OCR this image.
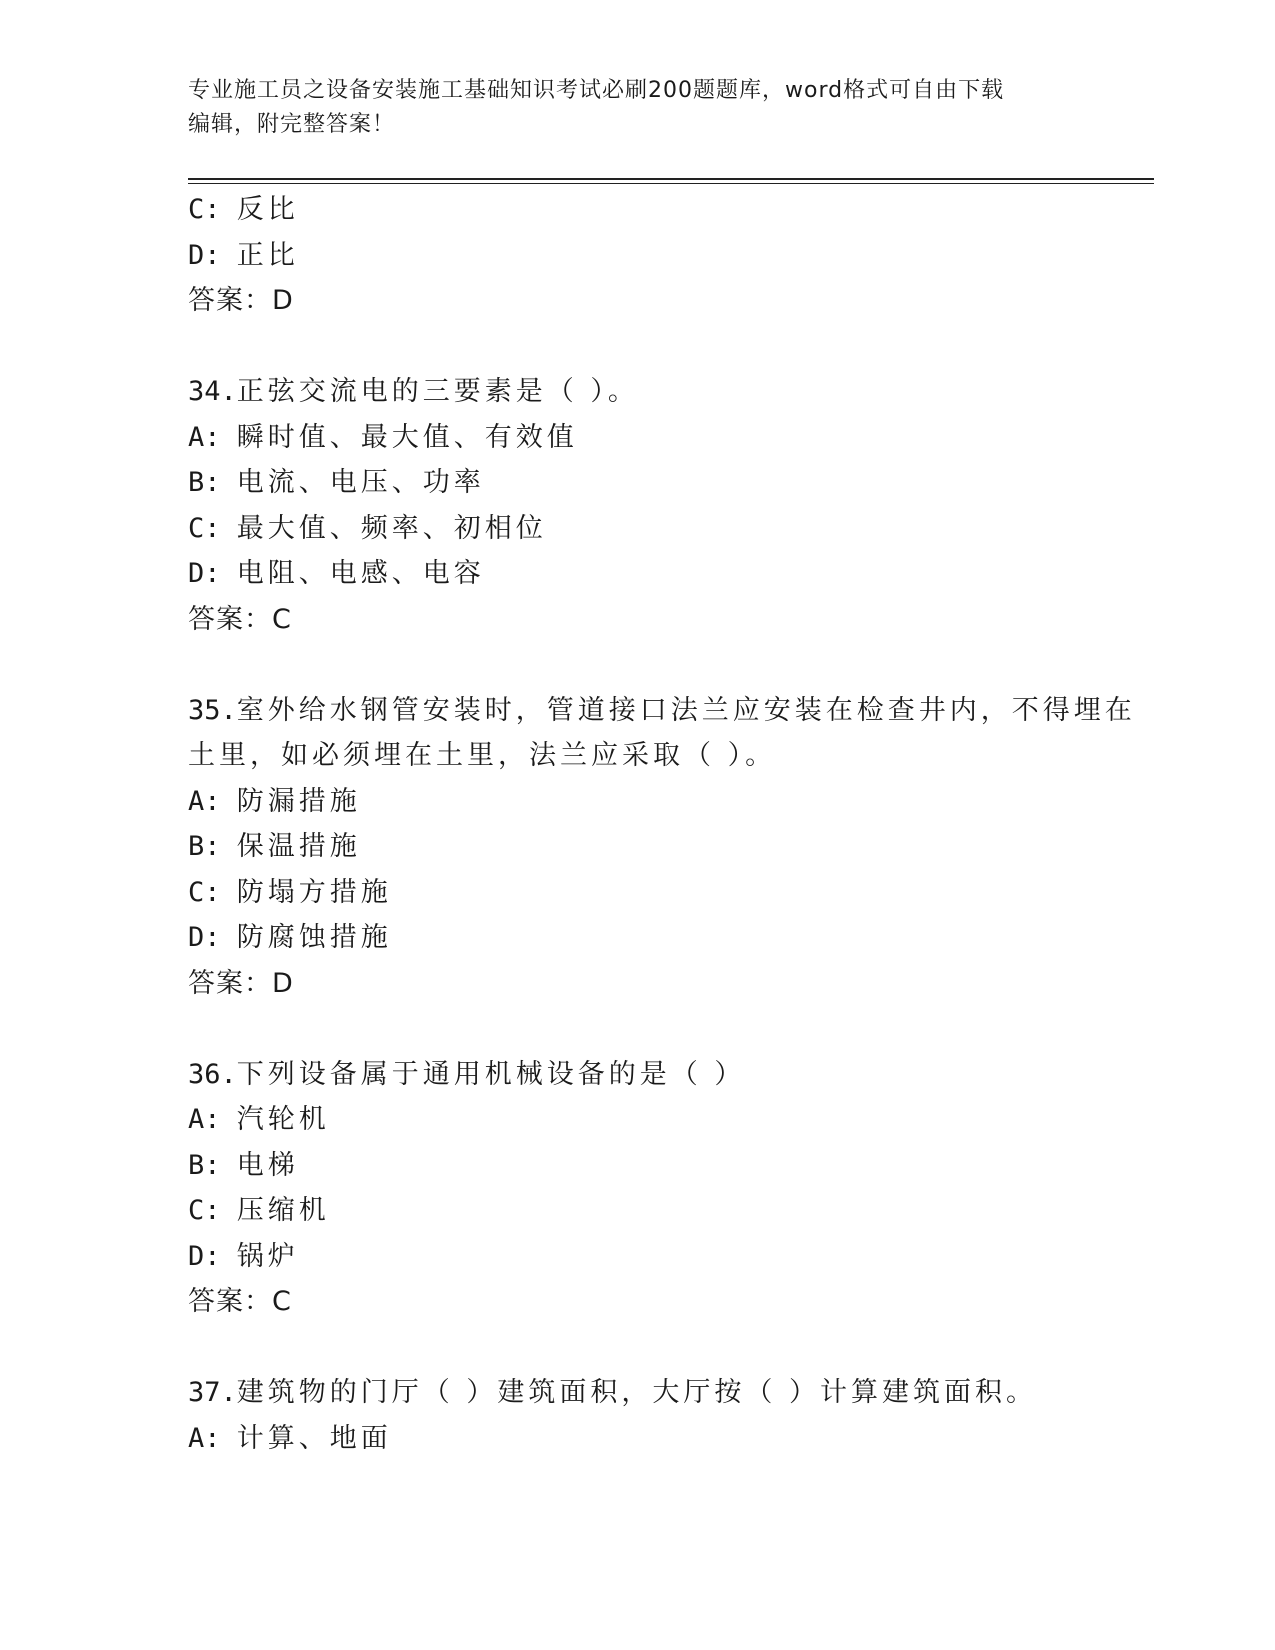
专业施工员之设备安装施工基础知识考试必刷200题题库，word格式可自由下载
编辑，附完整答案！
C: 反比
D: 正比
答案：D
34.正弦交流电的三要素是（ ）。
A: 瞬时值、最大值、有效值
B: 电流、电压、功率
C: 最大值、频率、初相位
D: 电阻、电感、电容
答案：C
35.室外给水钢管安装时，管道接口法兰应安装在检查井内，不得埋在
土里，如必须埋在土里，法兰应采取（ ）。
A: 防漏措施
B: 保温措施
C: 防塌方措施
D: 防腐蚀措施
答案：D
36.下列设备属于通用机械设备的是（ ）
A: 汽轮机
B: 电梯
C: 压缩机
D: 锅炉
答案：C
37.建筑物的门厅（ ）建筑面积，大厅按（ ）计算建筑面积。
A: 计算、地面
